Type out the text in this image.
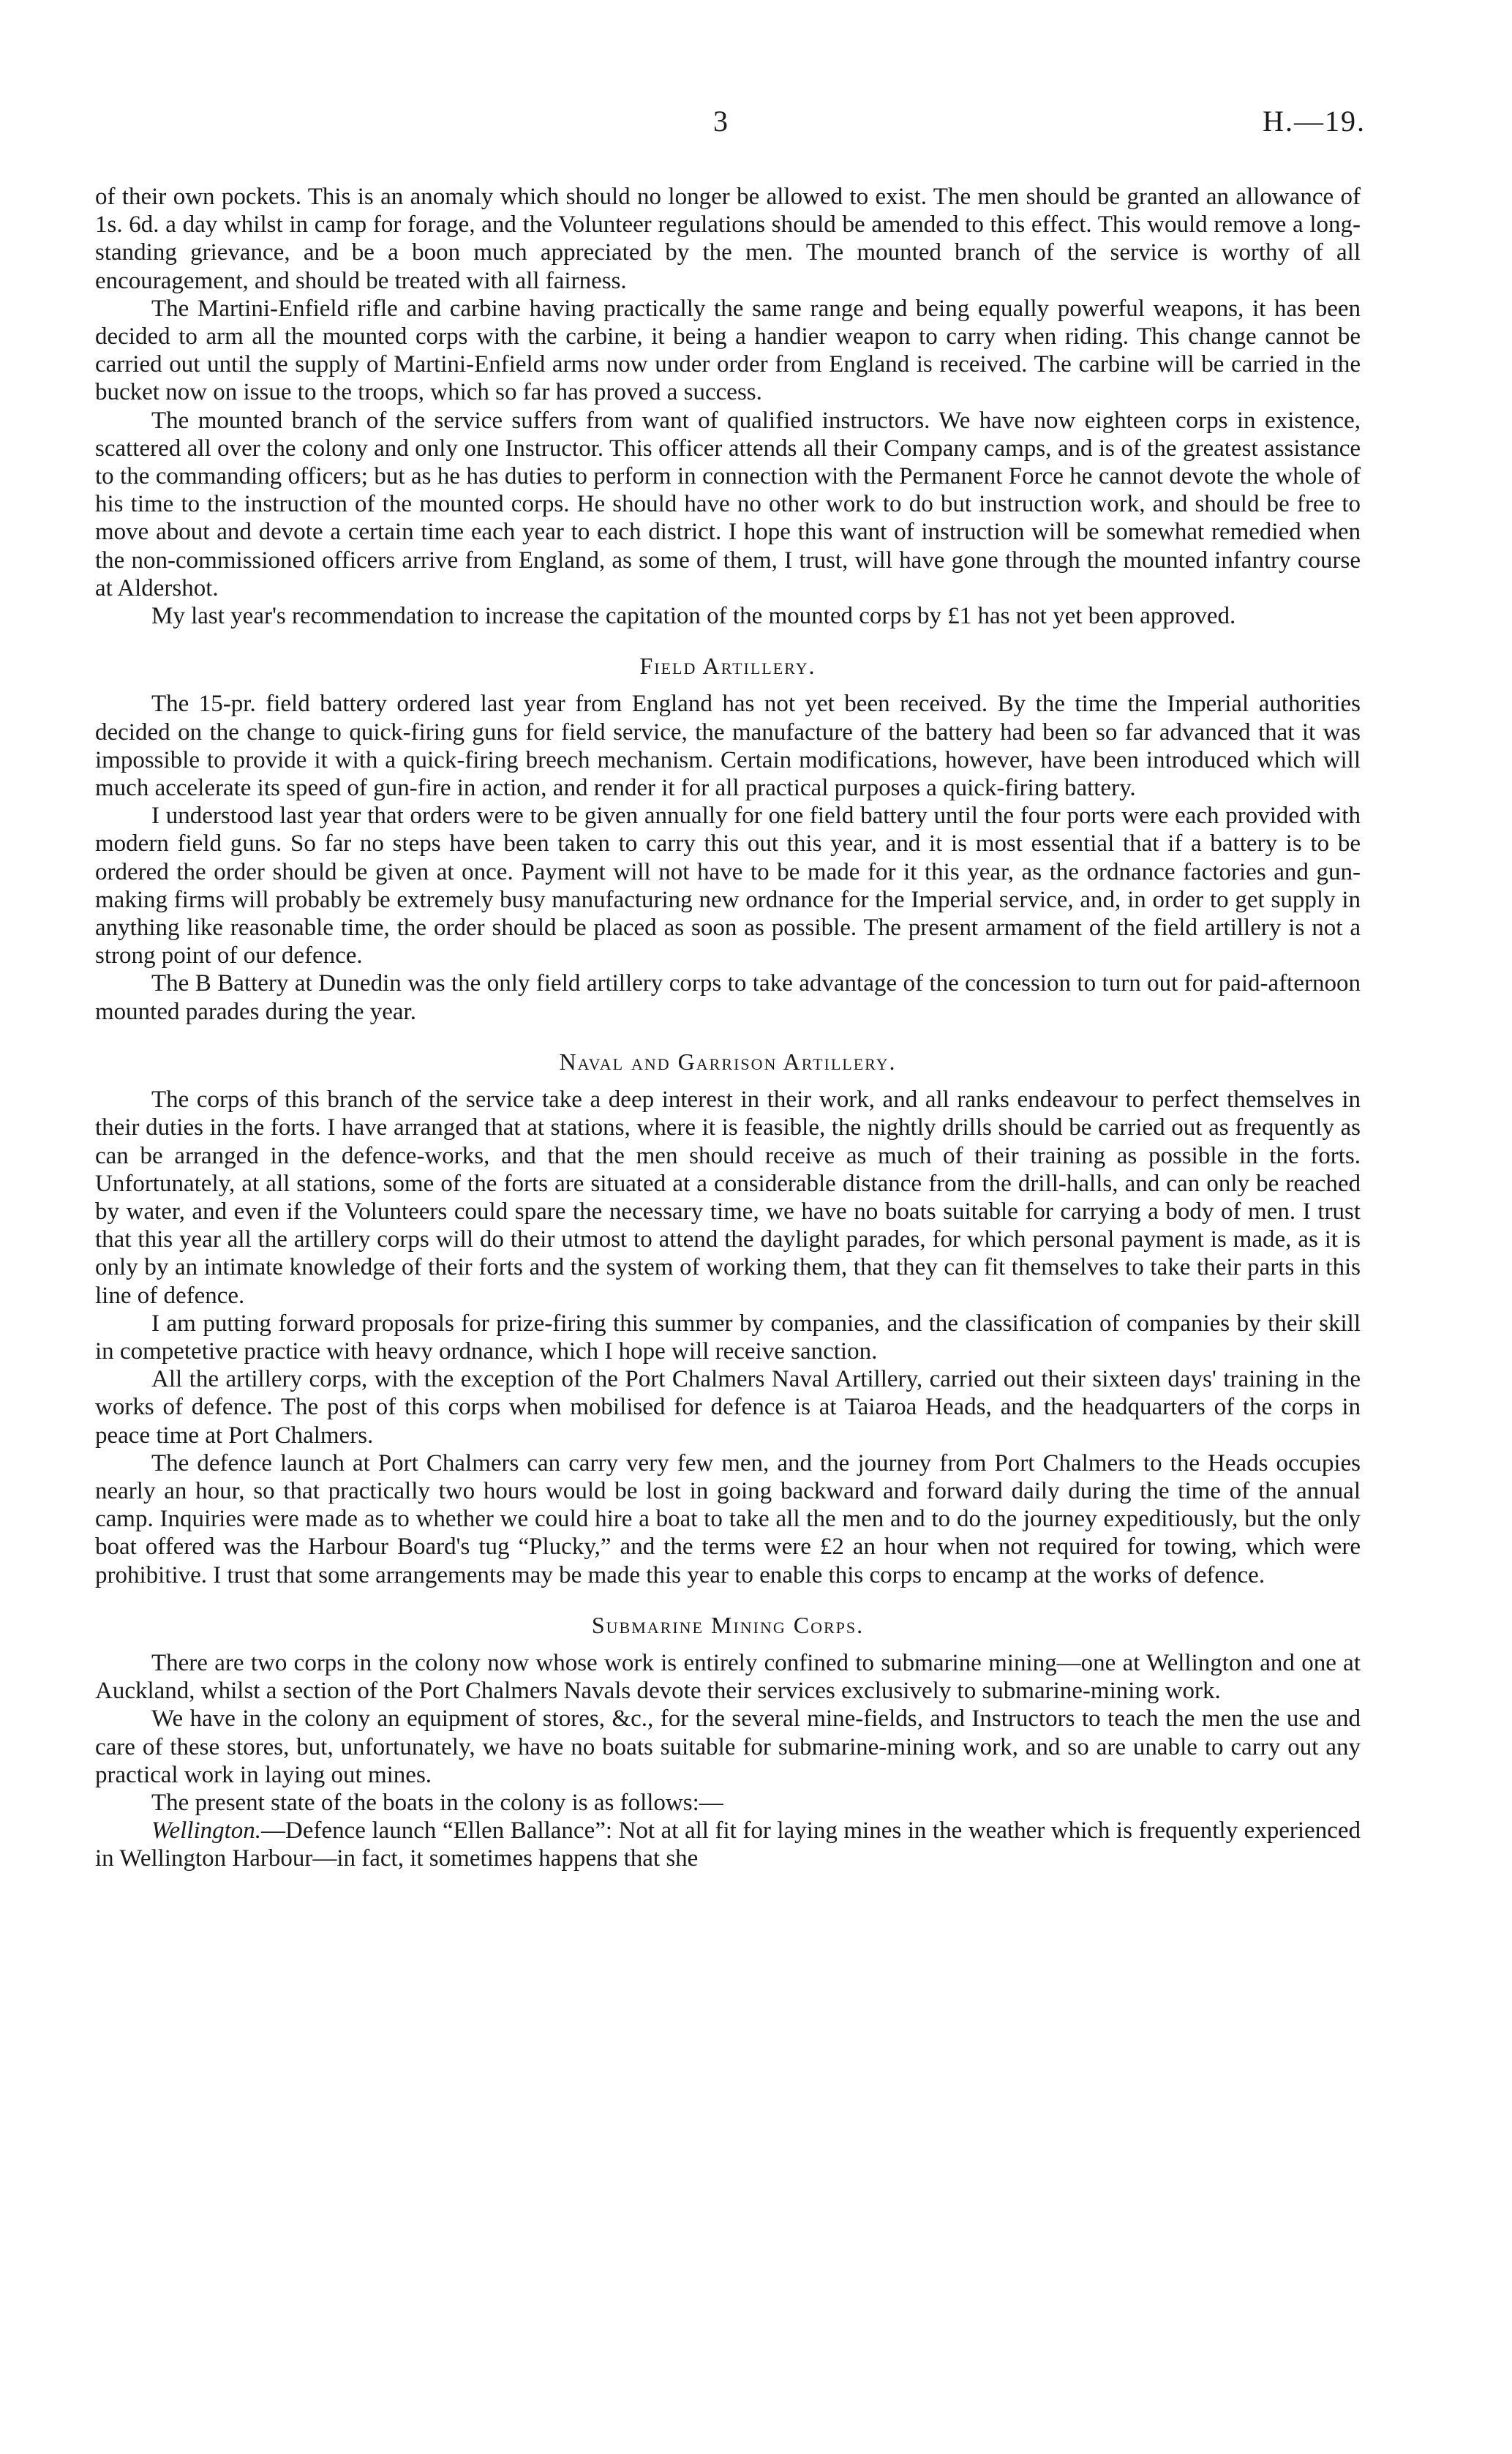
3	H.—19.

of their own pockets. This is an anomaly which should no longer be allowed to exist. The men should be granted an allowance of 1s. 6d. a day whilst in camp for forage, and the Volunteer regulations should be amended to this effect. This would remove a long-standing grievance, and be a boon much appreciated by the men. The mounted branch of the service is worthy of all encouragement, and should be treated with all fairness.

The Martini-Enfield rifle and carbine having practically the same range and being equally powerful weapons, it has been decided to arm all the mounted corps with the carbine, it being a handier weapon to carry when riding. This change cannot be carried out until the supply of Martini-Enfield arms now under order from England is received. The carbine will be carried in the bucket now on issue to the troops, which so far has proved a success.

The mounted branch of the service suffers from want of qualified instructors. We have now eighteen corps in existence, scattered all over the colony and only one Instructor. This officer attends all their Company camps, and is of the greatest assistance to the commanding officers; but as he has duties to perform in connection with the Permanent Force he cannot devote the whole of his time to the instruction of the mounted corps. He should have no other work to do but instruction work, and should be free to move about and devote a certain time each year to each district. I hope this want of instruction will be somewhat remedied when the non-commissioned officers arrive from England, as some of them, I trust, will have gone through the mounted infantry course at Aldershot.

My last year's recommendation to increase the capitation of the mounted corps by £1 has not yet been approved.

Field Artillery.

The 15-pr. field battery ordered last year from England has not yet been received. By the time the Imperial authorities decided on the change to quick-firing guns for field service, the manufacture of the battery had been so far advanced that it was impossible to provide it with a quick-firing breech mechanism. Certain modifications, however, have been introduced which will much accelerate its speed of gun-fire in action, and render it for all practical purposes a quick-firing battery.

I understood last year that orders were to be given annually for one field battery until the four ports were each provided with modern field guns. So far no steps have been taken to carry this out this year, and it is most essential that if a battery is to be ordered the order should be given at once. Payment will not have to be made for it this year, as the ordnance factories and gun-making firms will probably be extremely busy manufacturing new ordnance for the Imperial service, and, in order to get supply in anything like reasonable time, the order should be placed as soon as possible. The present armament of the field artillery is not a strong point of our defence.

The B Battery at Dunedin was the only field artillery corps to take advantage of the concession to turn out for paid-afternoon mounted parades during the year.

Naval and Garrison Artillery.

The corps of this branch of the service take a deep interest in their work, and all ranks endeavour to perfect themselves in their duties in the forts. I have arranged that at stations, where it is feasible, the nightly drills should be carried out as frequently as can be arranged in the defence-works, and that the men should receive as much of their training as possible in the forts. Unfortunately, at all stations, some of the forts are situated at a considerable distance from the drill-halls, and can only be reached by water, and even if the Volunteers could spare the necessary time, we have no boats suitable for carrying a body of men. I trust that this year all the artillery corps will do their utmost to attend the daylight parades, for which personal payment is made, as it is only by an intimate knowledge of their forts and the system of working them, that they can fit themselves to take their parts in this line of defence.

I am putting forward proposals for prize-firing this summer by companies, and the classification of companies by their skill in competetive practice with heavy ordnance, which I hope will receive sanction.

All the artillery corps, with the exception of the Port Chalmers Naval Artillery, carried out their sixteen days' training in the works of defence. The post of this corps when mobilised for defence is at Taiaroa Heads, and the headquarters of the corps in peace time at Port Chalmers.

The defence launch at Port Chalmers can carry very few men, and the journey from Port Chalmers to the Heads occupies nearly an hour, so that practically two hours would be lost in going backward and forward daily during the time of the annual camp. Inquiries were made as to whether we could hire a boat to take all the men and to do the journey expeditiously, but the only boat offered was the Harbour Board's tug “Plucky,” and the terms were £2 an hour when not required for towing, which were prohibitive. I trust that some arrangements may be made this year to enable this corps to encamp at the works of defence.

Submarine Mining Corps.

There are two corps in the colony now whose work is entirely confined to submarine mining—one at Wellington and one at Auckland, whilst a section of the Port Chalmers Navals devote their services exclusively to submarine-mining work.

We have in the colony an equipment of stores, &c., for the several mine-fields, and Instructors to teach the men the use and care of these stores, but, unfortunately, we have no boats suitable for submarine-mining work, and so are unable to carry out any practical work in laying out mines.

The present state of the boats in the colony is as follows:—

Wellington.—Defence launch “Ellen Ballance”: Not at all fit for laying mines in the weather which is frequently experienced in Wellington Harbour—in fact, it sometimes happens that she
